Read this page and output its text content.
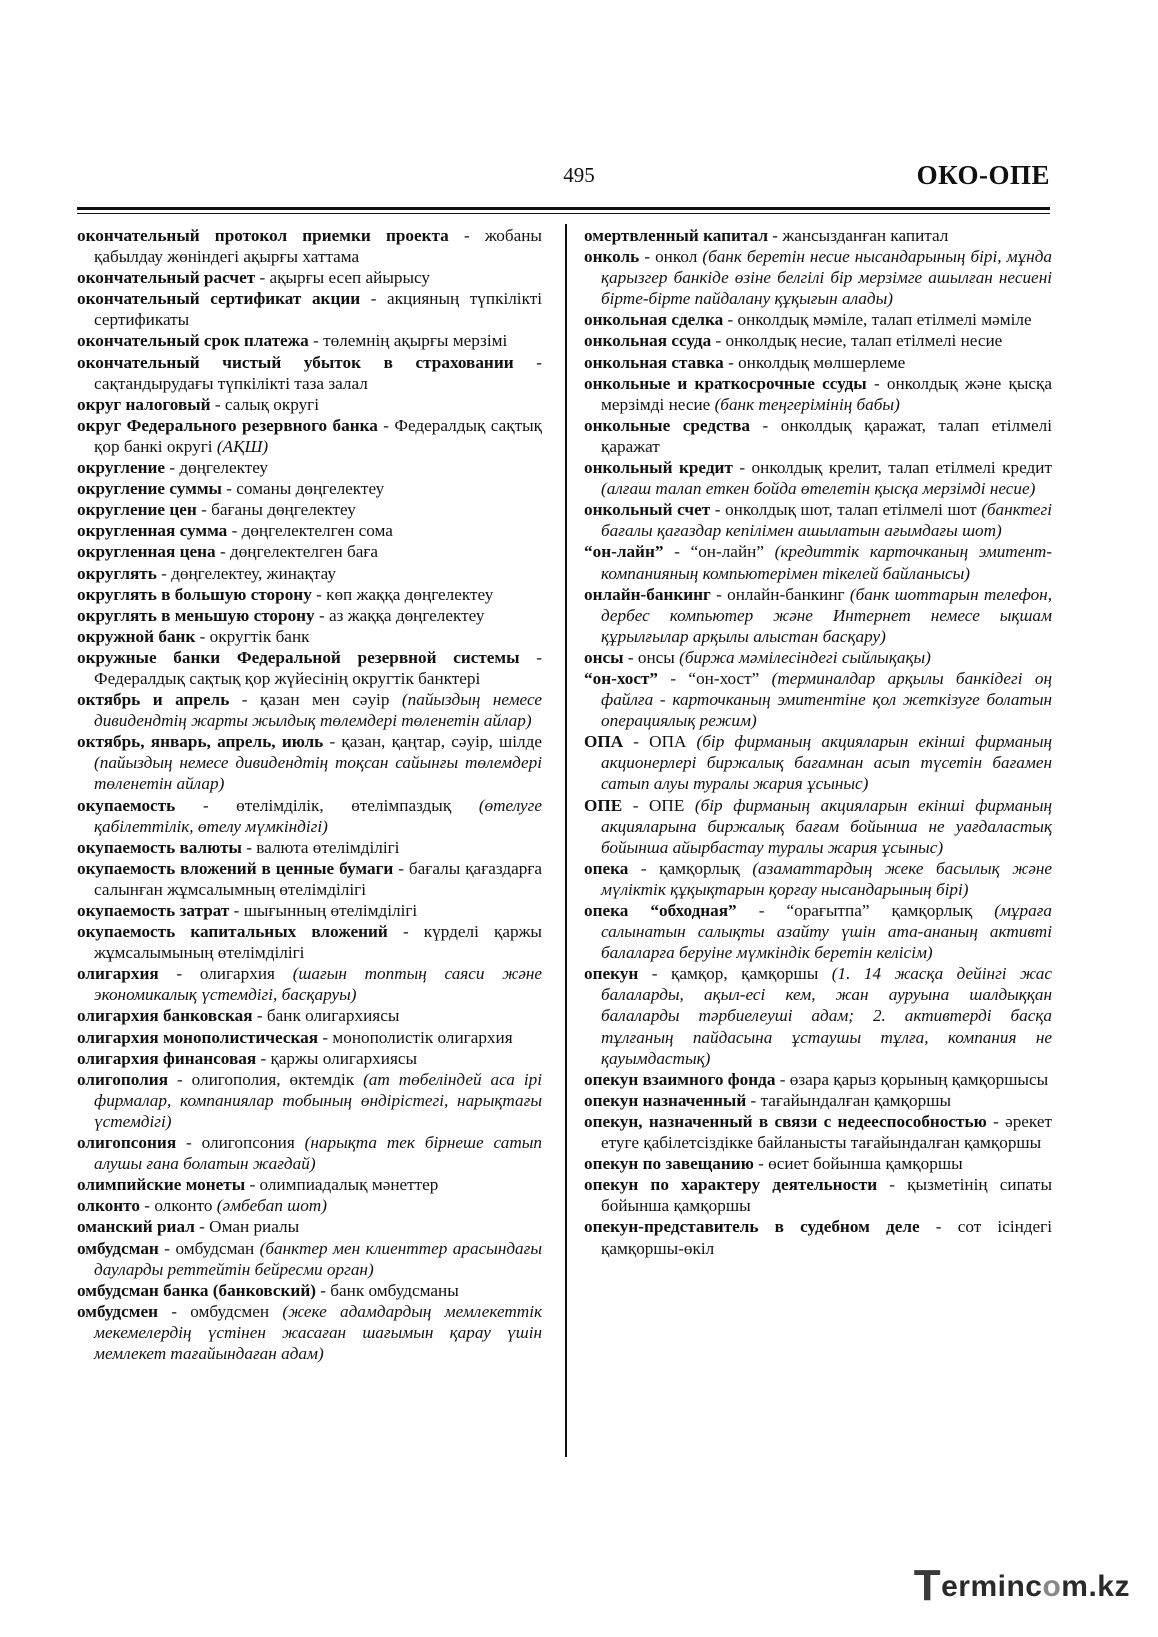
495	ОКО-ОПЕ
окончательный протокол приемки проекта - жобаны қабылдау жөніндегі ақырғы хаттама
окончательный расчет - ақырғы есеп айырысу
окончательный сертификат акции - акцияның түпкілікті сертификаты
окончательный срок платежа - төлемнің ақырғы мерзімі
окончательный чистый убыток в страховании - сақтандырудағы түпкілікті таза залал
округ налоговый - салық округі
округ Федерального резервного банка - Федералдық сақтық қор банкі округі (АҚШ)
округление - дөңгелектеу
округление суммы - соманы дөңгелектеу
округление цен - бағаны дөңгелектеу
округленная сумма - дөңгелектелген сома
округленная цена - дөңгелектелген баға
округлять - дөңгелектеу, жинақтау
округлять в большую сторону - көп жаққа дөңгелектеу
округлять в меньшую сторону - аз жаққа дөңгелектеу
окружной банк - округтік банк
окружные банки Федеральной резервной системы - Федералдық сақтық қор жүйесінің округтік банктері
октябрь и апрель - қазан мен сәуір (пайыздың немесе дивидендтің жарты жылдық төлемдері төленетін айлар)
октябрь, январь, апрель, июль - қазан, қаңтар, сәуір, шілде (пайыздың немесе дивидендтің тоқсан сайынғы төлемдері төленетін айлар)
окупаемость - өтелімділік, өтелімпаздық (өтелуге қабілеттілік, өтелу мүмкіндігі)
окупаемость валюты - валюта өтелімділігі
окупаемость вложений в ценные бумаги - бағалы қағаздарға салынған жұмсалымның өтелімділігі
окупаемость затрат - шығынның өтелімділігі
окупаемость капитальных вложений - күрделі қаржы жұмсалымының өтелімділігі
олигархия - олигархия (шағын топтың саяси және экономикалық үстемдігі, басқаруы)
олигархия банковская - банк олигархиясы
олигархия монополистическая - монополистік олигархия
олигархия финансовая - қаржы олигархиясы
олигополия - олигополия, өктемдік (ат төбеліндей аса ірі фирмалар, компаниялар тобының өндірістегі, нарықтағы үстемдігі)
олигопсония - олигопсония (нарықта тек бірнеше сатып алушы ғана болатын жағдай)
олимпийские монеты - олимпиадалық мәнеттер
олконто - олконто (әмбебап шот)
оманский риал - Оман риалы
омбудсман - омбудсман (банктер мен клиенттер арасындағы дауларды реттейтін бейресми орган)
омбудсман банка (банковский) - банк омбудсманы
омбудсмен - омбудсмен (жеке адамдардың мемлекеттік мекемелердің үстінен жасаған шағымын қарау үшін мемлекет тағайындаған адам)
омертвленный капитал - жансызданған капитал
онколь - онкол (банк беретін несие нысандарының бірі, мұнда қарызгер банкіде өзіне белгілі бір мерзімге ашылған несиені бірте-бірте пайдалану құқығын алады)
онкольная сделка - онколдық мәміле, талап етілмелі мәміле
онкольная ссуда - онколдық несие, талап етілмелі несие
онкольная ставка - онколдық мөлшерлеме
онкольные и краткосрочные ссуды - онколдық және қысқа мерзімді несие (банк теңгерімінің бабы)
онкольные средства - онколдық қаражат, талап етілмелі қаражат
онкольный кредит - онколдық крелит, талап етілмелі кредит (алғаш талап еткен бойда өтелетін қысқа мерзімді несие)
онкольный счет - онколдық шот, талап етілмелі шот (банктегі бағалы қағаздар кепілімен ашылатын ағымдағы шот)
“он-лайн” - “он-лайн” (кредиттік карточканың эмитент-компанияның компьютерімен тікелей байланысы)
онлайн-банкинг - онлайн-банкинг (банк шоттарын телефон, дербес компьютер және Интернет немесе ықшам құрылғылар арқылы алыстан басқару)
онсы - онсы (биржа мәмілесіндегі сыйлықақы)
“он-хост” - “он-хост” (терминалдар арқылы банкідегі оң файлға - карточканың эмитентіне қол жеткізуге болатын операциялық режим)
ОПА - ОПА (бір фирманың акцияларын екінші фирманың акционерлері биржалық бағамнан асып түсетін бағамен сатып алуы туралы жария ұсыныс)
ОПЕ - ОПЕ (бір фирманың акцияларын екінші фирманың акцияларына биржалық бағам бойынша не уағдаластық бойынша айырбастау туралы жария ұсыныс)
опека - қамқорлық (азаматтардың жеке басылық және мүліктік құқықтарын қорғау нысандарының бірі)
опека “обходная” - “орағытпа” қамқорлық (мұраға салынатын салықты азайту үшін ата-ананың активті балаларға беруіне мүмкіндік беретін келісім)
опекун - қамқор, қамқоршы (1. 14 жасқа дейінгі жас балаларды, ақыл-есі кем, жан ауруына шалдыққан балаларды тәрбиелеуші адам; 2. активтерді басқа тұлғаның пайдасына ұстаушы тұлға, компания не қауымдастық)
опекун взаимного фонда - өзара қарыз қорының қамқоршысы
опекун назначенный - тағайындалған қамқоршы
опекун, назначенный в связи с недееспособностью - әрекет етуге қабілетсіздікке байланысты тағайындалған қамқоршы
опекун по завещанию - өсиет бойынша қамқоршы
опекун по характеру деятельности - қызметінің сипаты бойынша қамқоршы
опекун-представитель в судебном деле - сот ісіндегі қамқоршы-өкіл
Termincom.kz
